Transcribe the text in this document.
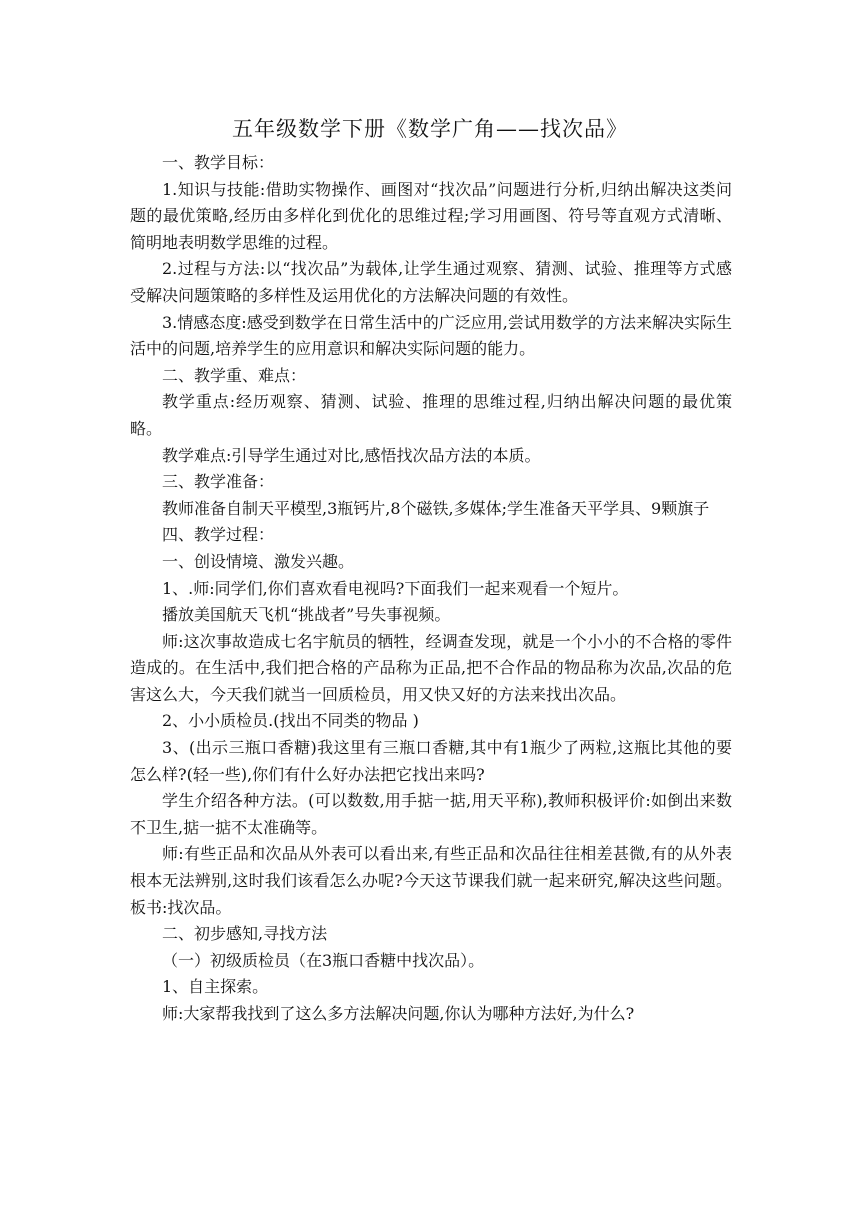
五年级数学下册《数学广角——找次品》

一、教学目标：

1.知识与技能:借助实物操作、画图对“找次品”问题进行分析,归纳出解决这类问题的最优策略,经历由多样化到优化的思维过程;学习用画图、符号等直观方式清晰、简明地表明数学思维的过程。

2.过程与方法:以“找次品”为载体,让学生通过观察、猜测、试验、推理等方式感受解决问题策略的多样性及运用优化的方法解决问题的有效性。

3.情感态度:感受到数学在日常生活中的广泛应用,尝试用数学的方法来解决实际生活中的问题,培养学生的应用意识和解决实际问题的能力。

二、教学重、难点：

教学重点:经历观察、猜测、试验、推理的思维过程,归纳出解决问题的最优策略。

教学难点:引导学生通过对比,感悟找次品方法的本质。

三、教学准备：

教师准备自制天平模型,3瓶钙片,8个磁铁,多媒体;学生准备天平学具、9颗旗子

四、教学过程：

一、创设情境、激发兴趣。

1、.师:同学们,你们喜欢看电视吗?下面我们一起来观看一个短片。

播放美国航天飞机“挑战者”号失事视频。

师:这次事故造成七名宇航员的牺牲，经调查发现，就是一个小小的不合格的零件造成的。在生活中,我们把合格的产品称为正品,把不合作品的物品称为次品,次品的危害这么大，今天我们就当一回质检员，用又快又好的方法来找出次品。

2、小小质检员.(找出不同类的物品 )

3、(出示三瓶口香糖)我这里有三瓶口香糖,其中有1瓶少了两粒,这瓶比其他的要怎么样?(轻一些),你们有什么好办法把它找出来吗?

学生介绍各种方法。(可以数数,用手掂一掂,用天平称),教师积极评价:如倒出来数不卫生,掂一掂不太准确等。

师:有些正品和次品从外表可以看出来,有些正品和次品往往相差甚微,有的从外表根本无法辨别,这时我们该看怎么办呢?今天这节课我们就一起来研究,解决这些问题。板书:找次品。

二、初步感知,寻找方法

（一）初级质检员（在3瓶口香糖中找次品）。

1、自主探索。

师:大家帮我找到了这么多方法解决问题,你认为哪种方法好,为什么?
